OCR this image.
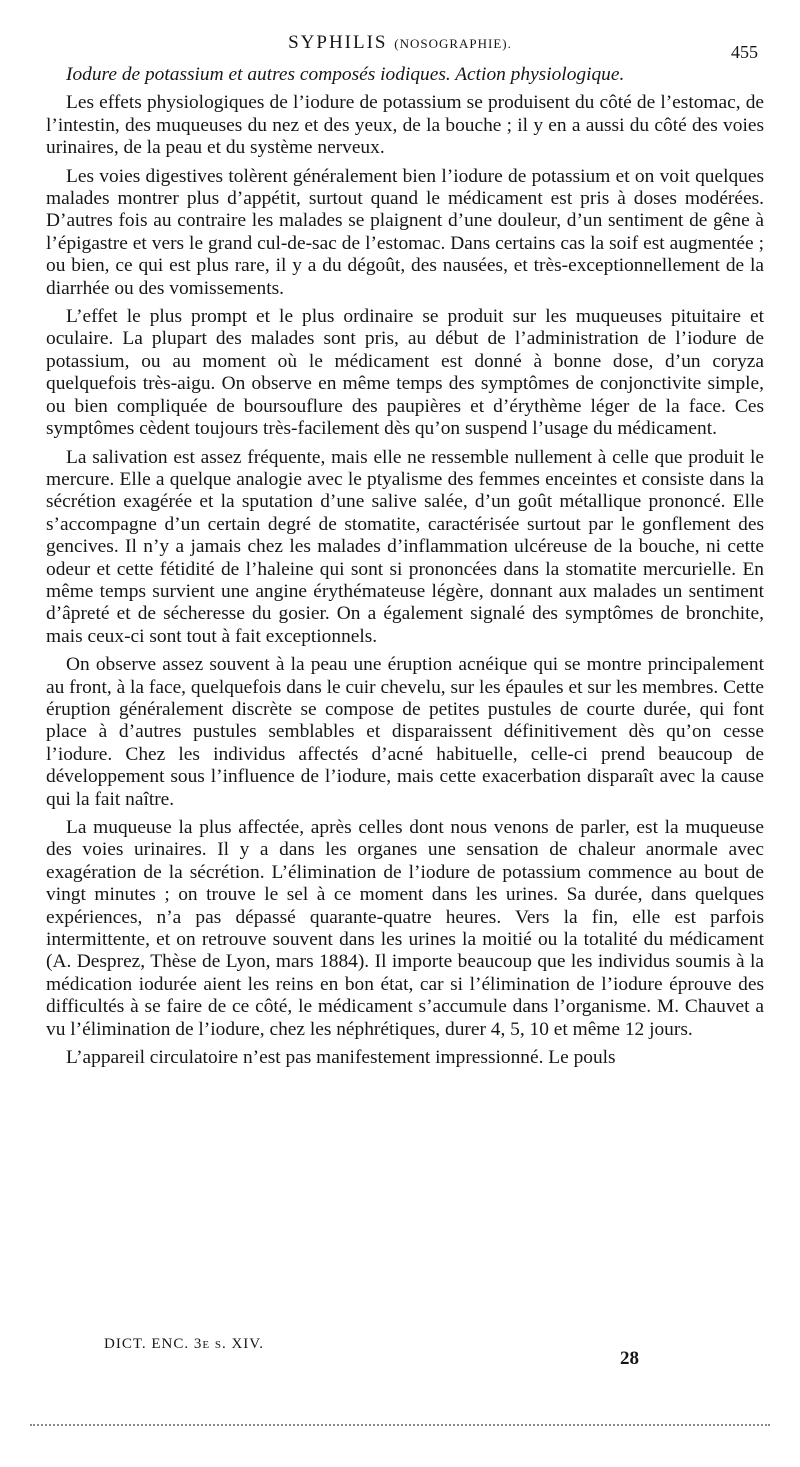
SYPHILIS (NOSOGRAPHIE).	455

Iodure de potassium et autres composés iodiques. Action physiologique.

Les effets physiologiques de l’iodure de potassium se produisent du côté de l’estomac, de l’intestin, des muqueuses du nez et des yeux, de la bouche ; il y en a aussi du côté des voies urinaires, de la peau et du système nerveux.

Les voies digestives tolèrent généralement bien l’iodure de potassium et on voit quelques malades montrer plus d’appétit, surtout quand le médicament est pris à doses modérées. D’autres fois au contraire les malades se plaignent d’une douleur, d’un sentiment de gêne à l’épigastre et vers le grand cul-de-sac de l’estomac. Dans certains cas la soif est augmentée ; ou bien, ce qui est plus rare, il y a du dégoût, des nausées, et très-exceptionnellement de la diarrhée ou des vomissements.

L’effet le plus prompt et le plus ordinaire se produit sur les muqueuses pituitaire et oculaire. La plupart des malades sont pris, au début de l’administration de l’iodure de potassium, ou au moment où le médicament est donné à bonne dose, d’un coryza quelquefois très-aigu. On observe en même temps des symptômes de conjonctivite simple, ou bien compliquée de boursouflure des paupières et d’érythème léger de la face. Ces symptômes cèdent toujours très-facilement dès qu’on suspend l’usage du médicament.

La salivation est assez fréquente, mais elle ne ressemble nullement à celle que produit le mercure. Elle a quelque analogie avec le ptyalisme des femmes enceintes et consiste dans la sécrétion exagérée et la sputation d’une salive salée, d’un goût métallique prononcé. Elle s’accompagne d’un certain degré de stomatite, caractérisée surtout par le gonflement des gencives. Il n’y a jamais chez les malades d’inflammation ulcéreuse de la bouche, ni cette odeur et cette fétidité de l’haleine qui sont si prononcées dans la stomatite mercurielle. En même temps survient une angine érythémateuse légère, donnant aux malades un sentiment d’âpreté et de sécheresse du gosier. On a également signalé des symptômes de bronchite, mais ceux-ci sont tout à fait exceptionnels.

On observe assez souvent à la peau une éruption acnéique qui se montre principalement au front, à la face, quelquefois dans le cuir chevelu, sur les épaules et sur les membres. Cette éruption généralement discrète se compose de petites pustules de courte durée, qui font place à d’autres pustules semblables et disparaissent définitivement dès qu’on cesse l’iodure. Chez les individus affectés d’acné habituelle, celle-ci prend beaucoup de développement sous l’influence de l’iodure, mais cette exacerbation disparaît avec la cause qui la fait naître.

La muqueuse la plus affectée, après celles dont nous venons de parler, est la muqueuse des voies urinaires. Il y a dans les organes une sensation de chaleur anormale avec exagération de la sécrétion. L’élimination de l’iodure de potassium commence au bout de vingt minutes ; on trouve le sel à ce moment dans les urines. Sa durée, dans quelques expériences, n’a pas dépassé quarante-quatre heures. Vers la fin, elle est parfois intermittente, et on retrouve souvent dans les urines la moitié ou la totalité du médicament (A. Desprez, Thèse de Lyon, mars 1884). Il importe beaucoup que les individus soumis à la médication iodurée aient les reins en bon état, car si l’élimination de l’iodure éprouve des difficultés à se faire de ce côté, le médicament s’accumule dans l’organisme. M. Chauvet a vu l’élimination de l’iodure, chez les néphrétiques, durer 4, 5, 10 et même 12 jours.

L’appareil circulatoire n’est pas manifestement impressionné. Le pouls

DICT. ENC. 3e s. XIV.
28
